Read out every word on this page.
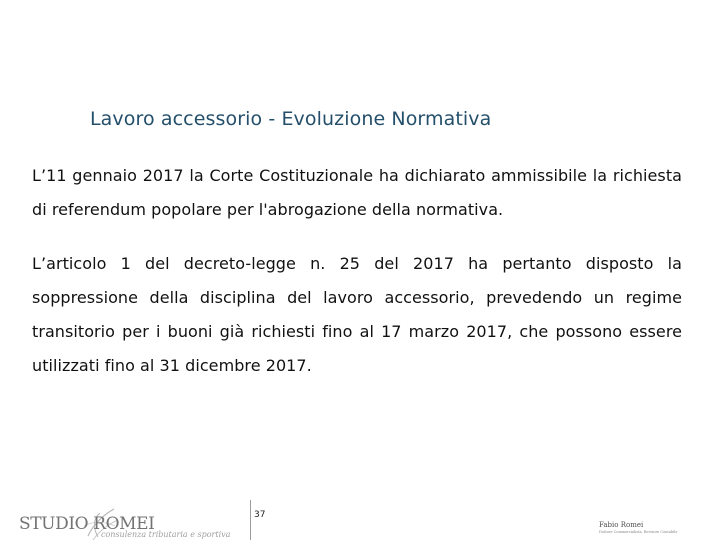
Lavoro accessorio - Evoluzione Normativa

L’11 gennaio 2017 la Corte Costituzionale ha dichiarato ammissibile la richiesta di referendum popolare per l'abrogazione della normativa.

L’articolo 1 del decreto-legge n. 25 del 2017 ha pertanto disposto la soppressione della disciplina del lavoro accessorio, prevedendo un regime transitorio per i buoni già richiesti fino al 17 marzo 2017, che possono essere utilizzati fino al 31 dicembre 2017.

STUDIO ROMEI

consulenza tributaria e sportiva

37

Fabio Romei

Dottore Commercialista, Revisore Contabile
